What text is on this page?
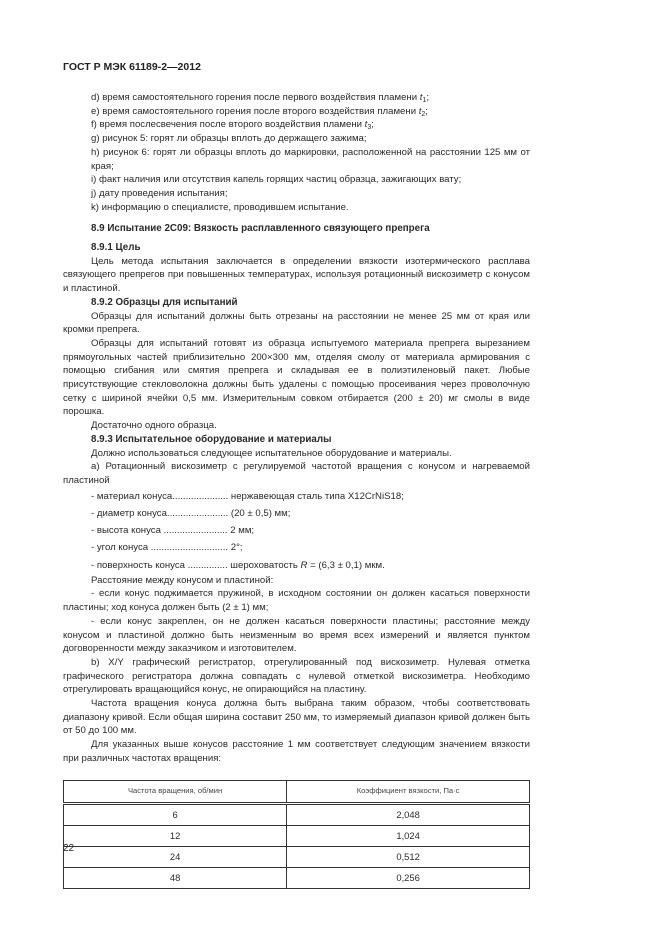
ГОСТ Р МЭК 61189-2—2012

d) время самостоятельного горения после первого воздействия пламени $t_1$;

e) время самостоятельного горения после второго воздействия пламени $t_2$;

f) время послесвечения после второго воздействия пламени $t_3$;

g) рисунок 5: горят ли образцы вплоть до держащего зажима;

h) рисунок 6: горят ли образцы вплоть до маркировки, расположенной на расстоянии 125 мм от края;

i) факт наличия или отсутствия капель горящих частиц образца, зажигающих вату;

j) дату проведения испытания;

k) информацию о специалисте, проводившем испытание.

8.9 Испытание 2С09: Вязкость расплавленного связующего препрега

8.9.1 Цель

Цель метода испытания заключается в определении вязкости изотермического расплава связующего препрегов при повышенных температурах, используя ротационный вискозиметр с конусом и пластиной.

8.9.2 Образцы для испытаний

Образцы для испытаний должны быть отрезаны на расстоянии не менее 25 мм от края или кромки препрега.

Образцы для испытаний готовят из образца испытуемого материала препрега вырезанием прямоугольных частей приблизительно 200×300 мм, отделяя смолу от материала армирования с помощью сгибания или смятия препрега и складывая ее в полиэтиленовый пакет. Любые присутствующие стекловолокна должны быть удалены с помощью просеивания через проволочную сетку с шириной ячейки 0,5 мм. Измерительным совком отбирается (200 ± 20) мг смолы в виде порошка.

Достаточно одного образца.

8.9.3 Испытательное оборудование и материалы

Должно использоваться следующее испытательное оборудование и материалы.

a) Ротационный вискозиметр с регулируемой частотой вращения с конусом и нагреваемой пластиной

- материал конуса..................... нержавеющая сталь типа X12CrNiS18;

- диаметр конуса....................... (20 ± 0,5) мм;

- высота конуса ........................ 2 мм;

- угол конуса ............................. 2°;

- поверхность конуса ............... шероховатость R = (6,3 ± 0,1) мкм.

Расстояние между конусом и пластиной:

- если конус поджимается пружиной, в исходном состоянии он должен касаться поверхности пластины; ход конуса должен быть (2 ± 1) мм;

- если конус закреплен, он не должен касаться поверхности пластины; расстояние между конусом и пластиной должно быть неизменным во время всех измерений и является пунктом договоренности между заказчиком и изготовителем.

b) X/Y графический регистратор, отрегулированный под вискозиметр. Нулевая отметка графического регистратора должна совпадать с нулевой отметкой вискозиметра. Необходимо отрегулировать вращающийся конус, не опирающийся на пластину.

Частота вращения конуса должна быть выбрана таким образом, чтобы соответствовать диапазону кривой. Если общая ширина составит 250 мм, то измеряемый диапазон кривой должен быть от 50 до 100 мм.

Для указанных выше конусов расстояние 1 мм соответствует следующим значением вязкости при различных частотах вращения:

Частота вращения, об/мин	Коэффициент вязкости, Па·с
6	2,048
12	1,024
24	0,512
48	0,256
22
